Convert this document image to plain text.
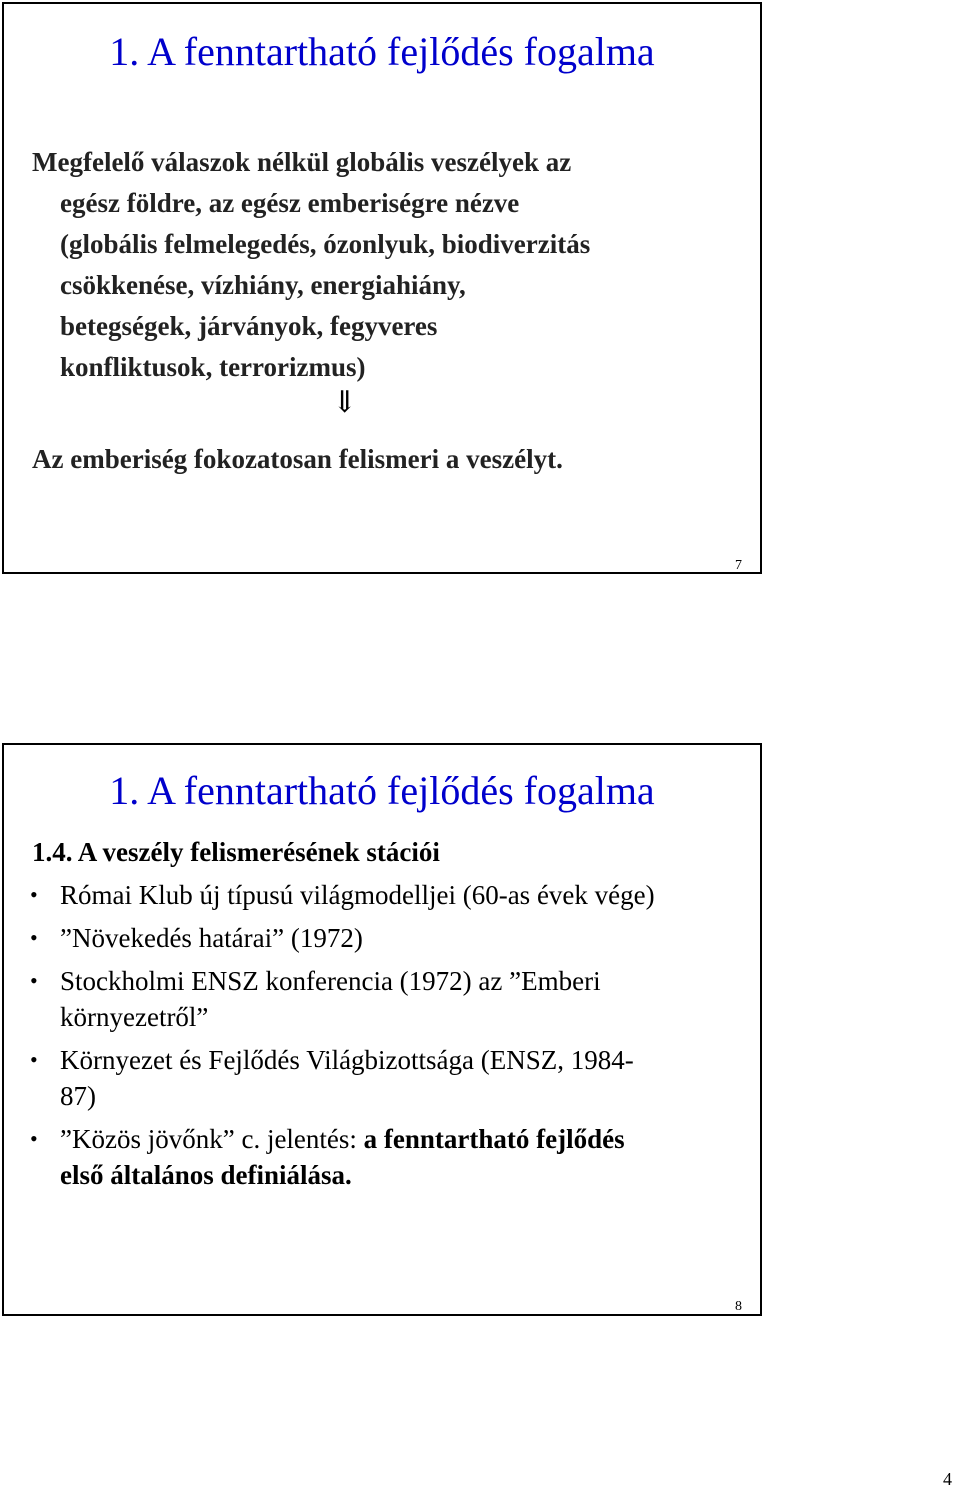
1. A fenntartható fejlődés fogalma
Megfelelő válaszok nélkül globális veszélyek az
egész földre, az egész emberiségre nézve
(globális felmelegedés, ózonlyuk, biodiverzitás
csökkenése, vízhiány, energiahiány,
betegségek, járványok, fegyveres
konfliktusok, terrorizmus)
⇓
Az emberiség fokozatosan felismeri a veszélyt.
7
1. A fenntartható fejlődés fogalma
1.4. A veszély felismerésének stációi
• Római Klub új típusú világmodelljei (60-as évek vége)
• ”Növekedés határai” (1972)
• Stockholmi ENSZ konferencia (1972) az ”Emberi
környezetről”
• Környezet és Fejlődés Világbizottsága (ENSZ, 1984-
87)
• ”Közös jövőnk” c. jelentés: a fenntartható fejlődés
első általános definiálása.
8
4
